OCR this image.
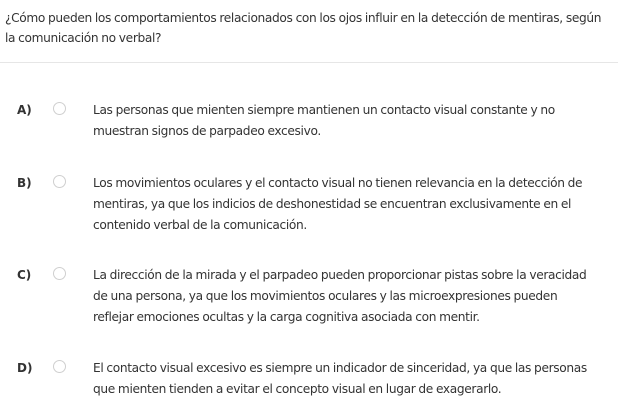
¿Cómo pueden los comportamientos relacionados con los ojos influir en la detección de mentiras, según la comunicación no verbal?

A)	Las personas que mienten siempre mantienen un contacto visual constante y no muestran signos de parpadeo excesivo.

B)	Los movimientos oculares y el contacto visual no tienen relevancia en la detección de mentiras, ya que los indicios de deshonestidad se encuentran exclusivamente en el contenido verbal de la comunicación.

C)	La dirección de la mirada y el parpadeo pueden proporcionar pistas sobre la veracidad de una persona, ya que los movimientos oculares y las microexpresiones pueden reflejar emociones ocultas y la carga cognitiva asociada con mentir.

D)	El contacto visual excesivo es siempre un indicador de sinceridad, ya que las personas que mienten tienden a evitar el concepto visual en lugar de exagerarlo.
